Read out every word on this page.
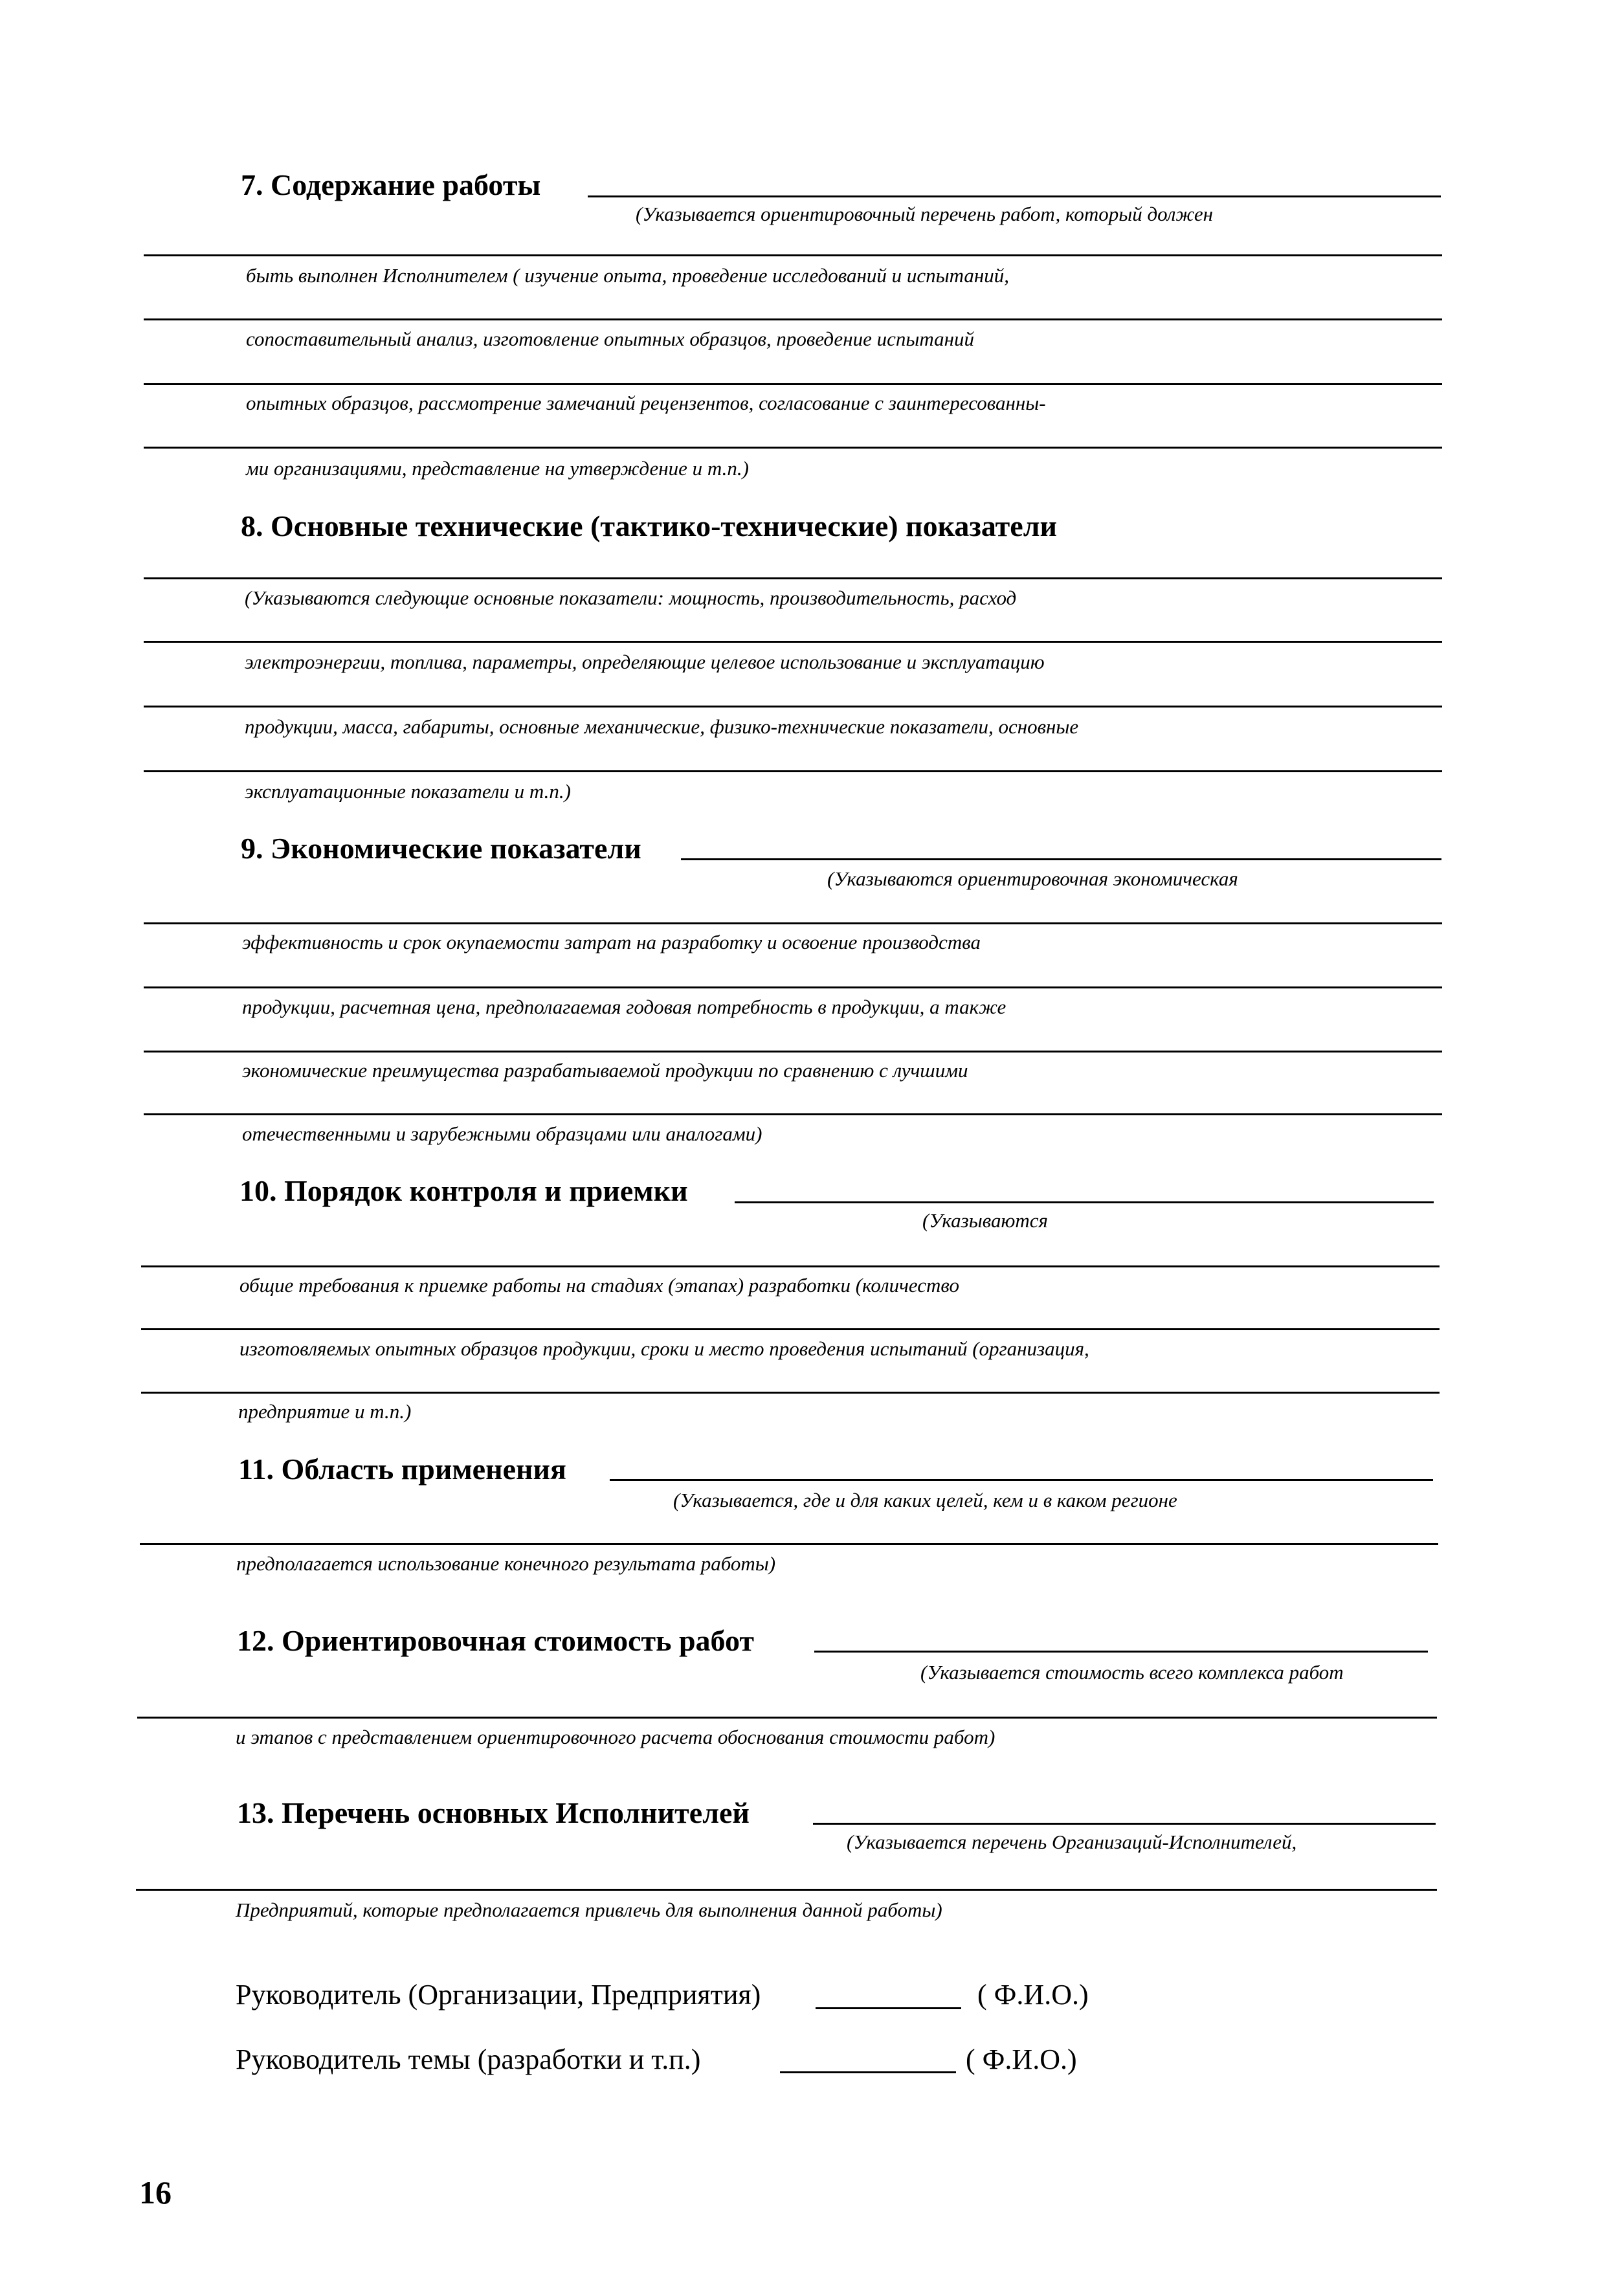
7. Содержание работы
(Указывается ориентировочный перечень работ, который должен
быть выполнен Исполнителем ( изучение опыта, проведение исследований и испытаний,
сопоставительный анализ, изготовление опытных образцов, проведение испытаний
опытных образцов, рассмотрение замечаний рецензентов, согласование с заинтересованны-
ми организациями, представление на утверждение и т.п.)
8. Основные технические (тактико-технические) показатели
(Указываются следующие основные показатели: мощность, производительность, расход
электроэнергии, топлива, параметры, определяющие целевое использование и эксплуатацию
продукции, масса, габариты, основные механические, физико-технические показатели, основные
эксплуатационные показатели и т.п.)
9. Экономические показатели
(Указываются ориентировочная экономическая
эффективность и срок окупаемости затрат на разработку и освоение производства
продукции, расчетная цена, предполагаемая годовая потребность в продукции, а также
экономические преимущества разрабатываемой продукции по сравнению с лучшими
отечественными и зарубежными образцами или аналогами)
10. Порядок контроля и приемки
(Указываются
общие требования к приемке работы на стадиях (этапах) разработки (количество
изготовляемых опытных образцов продукции, сроки и место проведения испытаний (организация,
предприятие и т.п.)
11. Область применения
(Указывается, где и для каких целей, кем и в каком регионе
предполагается использование конечного результата работы)
12. Ориентировочная стоимость работ
(Указывается стоимость всего комплекса работ
и этапов с представлением ориентировочного расчета обоснования стоимости работ)
13. Перечень основных Исполнителей
(Указывается перечень Организаций-Исполнителей,
Предприятий, которые предполагается привлечь для выполнения данной работы)
Руководитель (Организации, Предприятия)	( Ф.И.О.)
Руководитель темы (разработки и т.п.)	( Ф.И.О.)
16
